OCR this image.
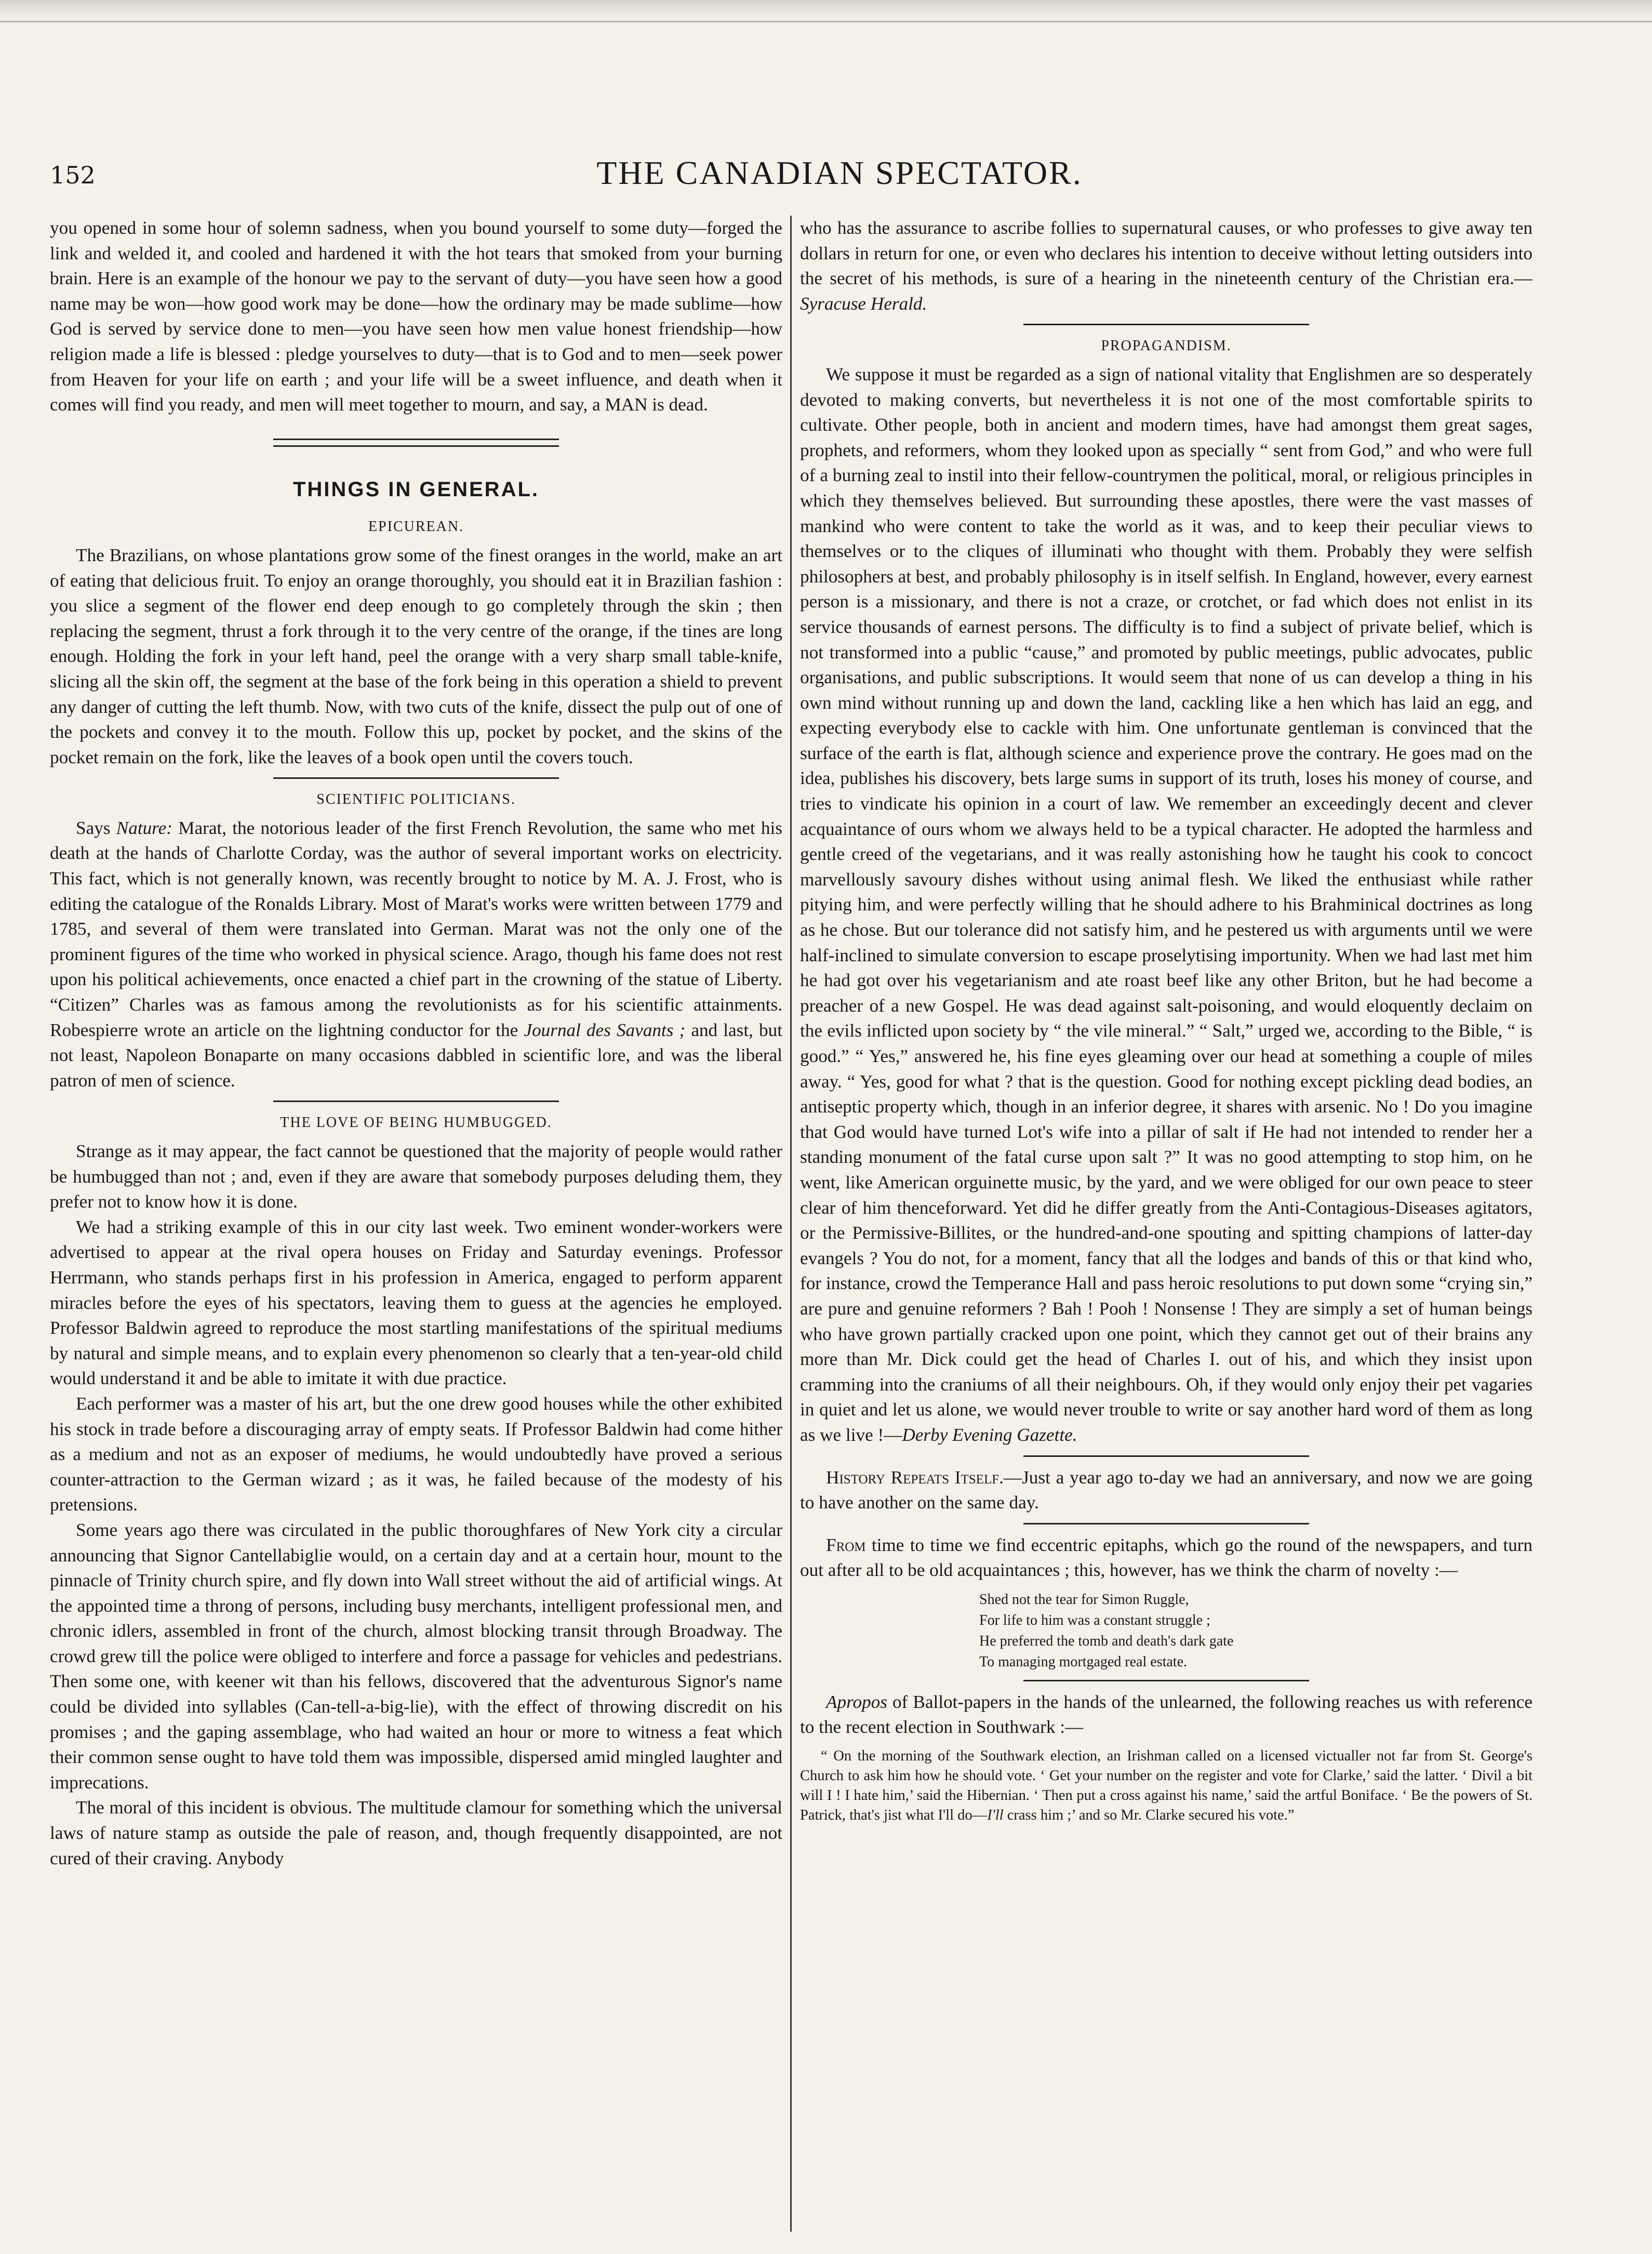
152	THE CANADIAN SPECTATOR.

you opened in some hour of solemn sadness, when you bound yourself to some duty—forged the link and welded it, and cooled and hardened it with the hot tears that smoked from your burning brain. Here is an example of the honour we pay to the servant of duty—you have seen how a good name may be won—how good work may be done—how the ordinary may be made sublime—how God is served by service done to men—you have seen how men value honest friendship—how religion made a life is blessed : pledge yourselves to duty—that is to God and to men—seek power from Heaven for your life on earth ; and your life will be a sweet influence, and death when it comes will find you ready, and men will meet together to mourn, and say, a MAN is dead.

THINGS IN GENERAL.
EPICUREAN.

The Brazilians, on whose plantations grow some of the finest oranges in the world, make an art of eating that delicious fruit. To enjoy an orange thoroughly, you should eat it in Brazilian fashion : you slice a segment of the flower end deep enough to go completely through the skin ; then replacing the segment, thrust a fork through it to the very centre of the orange, if the tines are long enough. Holding the fork in your left hand, peel the orange with a very sharp small table-knife, slicing all the skin off, the segment at the base of the fork being in this operation a shield to prevent any danger of cutting the left thumb. Now, with two cuts of the knife, dissect the pulp out of one of the pockets and convey it to the mouth. Follow this up, pocket by pocket, and the skins of the pocket remain on the fork, like the leaves of a book open until the covers touch.

SCIENTIFIC POLITICIANS.

Says Nature: Marat, the notorious leader of the first French Revolution, the same who met his death at the hands of Charlotte Corday, was the author of several important works on electricity. This fact, which is not generally known, was recently brought to notice by M. A. J. Frost, who is editing the catalogue of the Ronalds Library. Most of Marat's works were written between 1779 and 1785, and several of them were translated into German. Marat was not the only one of the prominent figures of the time who worked in physical science. Arago, though his fame does not rest upon his political achievements, once enacted a chief part in the crowning of the statue of Liberty. “Citizen” Charles was as famous among the revolutionists as for his scientific attainments. Robespierre wrote an article on the lightning conductor for the Journal des Savants ; and last, but not least, Napoleon Bonaparte on many occasions dabbled in scientific lore, and was the liberal patron of men of science.

THE LOVE OF BEING HUMBUGGED.

Strange as it may appear, the fact cannot be questioned that the majority of people would rather be humbugged than not ; and, even if they are aware that somebody purposes deluding them, they prefer not to know how it is done.

We had a striking example of this in our city last week. Two eminent wonder-workers were advertised to appear at the rival opera houses on Friday and Saturday evenings. Professor Herrmann, who stands perhaps first in his profession in America, engaged to perform apparent miracles before the eyes of his spectators, leaving them to guess at the agencies he employed. Professor Baldwin agreed to reproduce the most startling manifestations of the spiritual mediums by natural and simple means, and to explain every phenomenon so clearly that a ten-year-old child would understand it and be able to imitate it with due practice.

Each performer was a master of his art, but the one drew good houses while the other exhibited his stock in trade before a discouraging array of empty seats. If Professor Baldwin had come hither as a medium and not as an exposer of mediums, he would undoubtedly have proved a serious counter-attraction to the German wizard ; as it was, he failed because of the modesty of his pretensions.

Some years ago there was circulated in the public thoroughfares of New York city a circular announcing that Signor Cantellabiglie would, on a certain day and at a certain hour, mount to the pinnacle of Trinity church spire, and fly down into Wall street without the aid of artificial wings. At the appointed time a throng of persons, including busy merchants, intelligent professional men, and chronic idlers, assembled in front of the church, almost blocking transit through Broadway. The crowd grew till the police were obliged to interfere and force a passage for vehicles and pedestrians. Then some one, with keener wit than his fellows, discovered that the adventurous Signor's name could be divided into syllables (Can-tell-a-big-lie), with the effect of throwing discredit on his promises ; and the gaping assemblage, who had waited an hour or more to witness a feat which their common sense ought to have told them was impossible, dispersed amid mingled laughter and imprecations.

The moral of this incident is obvious. The multitude clamour for something which the universal laws of nature stamp as outside the pale of reason, and, though frequently disappointed, are not cured of their craving. Anybody

who has the assurance to ascribe follies to supernatural causes, or who professes to give away ten dollars in return for one, or even who declares his intention to deceive without letting outsiders into the secret of his methods, is sure of a hearing in the nineteenth century of the Christian era.—Syracuse Herald.

PROPAGANDISM.

We suppose it must be regarded as a sign of national vitality that Englishmen are so desperately devoted to making converts, but nevertheless it is not one of the most comfortable spirits to cultivate. Other people, both in ancient and modern times, have had amongst them great sages, prophets, and reformers, whom they looked upon as specially “ sent from God,” and who were full of a burning zeal to instil into their fellow-countrymen the political, moral, or religious principles in which they themselves believed. But surrounding these apostles, there were the vast masses of mankind who were content to take the world as it was, and to keep their peculiar views to themselves or to the cliques of illuminati who thought with them. Probably they were selfish philosophers at best, and probably philosophy is in itself selfish. In England, however, every earnest person is a missionary, and there is not a craze, or crotchet, or fad which does not enlist in its service thousands of earnest persons. The difficulty is to find a subject of private belief, which is not transformed into a public “cause,” and promoted by public meetings, public advocates, public organisations, and public subscriptions. It would seem that none of us can develop a thing in his own mind without running up and down the land, cackling like a hen which has laid an egg, and expecting everybody else to cackle with him. One unfortunate gentleman is convinced that the surface of the earth is flat, although science and experience prove the contrary. He goes mad on the idea, publishes his discovery, bets large sums in support of its truth, loses his money of course, and tries to vindicate his opinion in a court of law. We remember an exceedingly decent and clever acquaintance of ours whom we always held to be a typical character. He adopted the harmless and gentle creed of the vegetarians, and it was really astonishing how he taught his cook to concoct marvellously savoury dishes without using animal flesh. We liked the enthusiast while rather pitying him, and were perfectly willing that he should adhere to his Brahminical doctrines as long as he chose. But our tolerance did not satisfy him, and he pestered us with arguments until we were half-inclined to simulate conversion to escape proselytising importunity. When we had last met him he had got over his vegetarianism and ate roast beef like any other Briton, but he had become a preacher of a new Gospel. He was dead against salt-poisoning, and would eloquently declaim on the evils inflicted upon society by “ the vile mineral.” “ Salt,” urged we, according to the Bible, “ is good.” “ Yes,” answered he, his fine eyes gleaming over our head at something a couple of miles away. “ Yes, good for what ? that is the question. Good for nothing except pickling dead bodies, an antiseptic property which, though in an inferior degree, it shares with arsenic. No ! Do you imagine that God would have turned Lot's wife into a pillar of salt if He had not intended to render her a standing monument of the fatal curse upon salt ?” It was no good attempting to stop him, on he went, like American orguinette music, by the yard, and we were obliged for our own peace to steer clear of him thenceforward. Yet did he differ greatly from the Anti-Contagious-Diseases agitators, or the Permissive-Billites, or the hundred-and-one spouting and spitting champions of latter-day evangels ? You do not, for a moment, fancy that all the lodges and bands of this or that kind who, for instance, crowd the Temperance Hall and pass heroic resolutions to put down some “crying sin,” are pure and genuine reformers ? Bah ! Pooh ! Nonsense ! They are simply a set of human beings who have grown partially cracked upon one point, which they cannot get out of their brains any more than Mr. Dick could get the head of Charles I. out of his, and which they insist upon cramming into the craniums of all their neighbours. Oh, if they would only enjoy their pet vagaries in quiet and let us alone, we would never trouble to write or say another hard word of them as long as we live !—Derby Evening Gazette.

History Repeats Itself.—Just a year ago to-day we had an anniversary, and now we are going to have another on the same day.

From time to time we find eccentric epitaphs, which go the round of the newspapers, and turn out after all to be old acquaintances ; this, however, has we think the charm of novelty :—

Shed not the tear for Simon Ruggle,
For life to him was a constant struggle ;
He preferred the tomb and death's dark gate
To managing mortgaged real estate.

Apropos of Ballot-papers in the hands of the unlearned, the following reaches us with reference to the recent election in Southwark :—

“ On the morning of the Southwark election, an Irishman called on a licensed victualler not far from St. George's Church to ask him how he should vote. ‘ Get your number on the register and vote for Clarke,’ said the latter. ‘ Divil a bit will I ! I hate him,’ said the Hibernian. ‘ Then put a cross against his name,’ said the artful Boniface. ‘ Be the powers of St. Patrick, that's jist what I'll do—I'll crass him ;’ and so Mr. Clarke secured his vote.”
